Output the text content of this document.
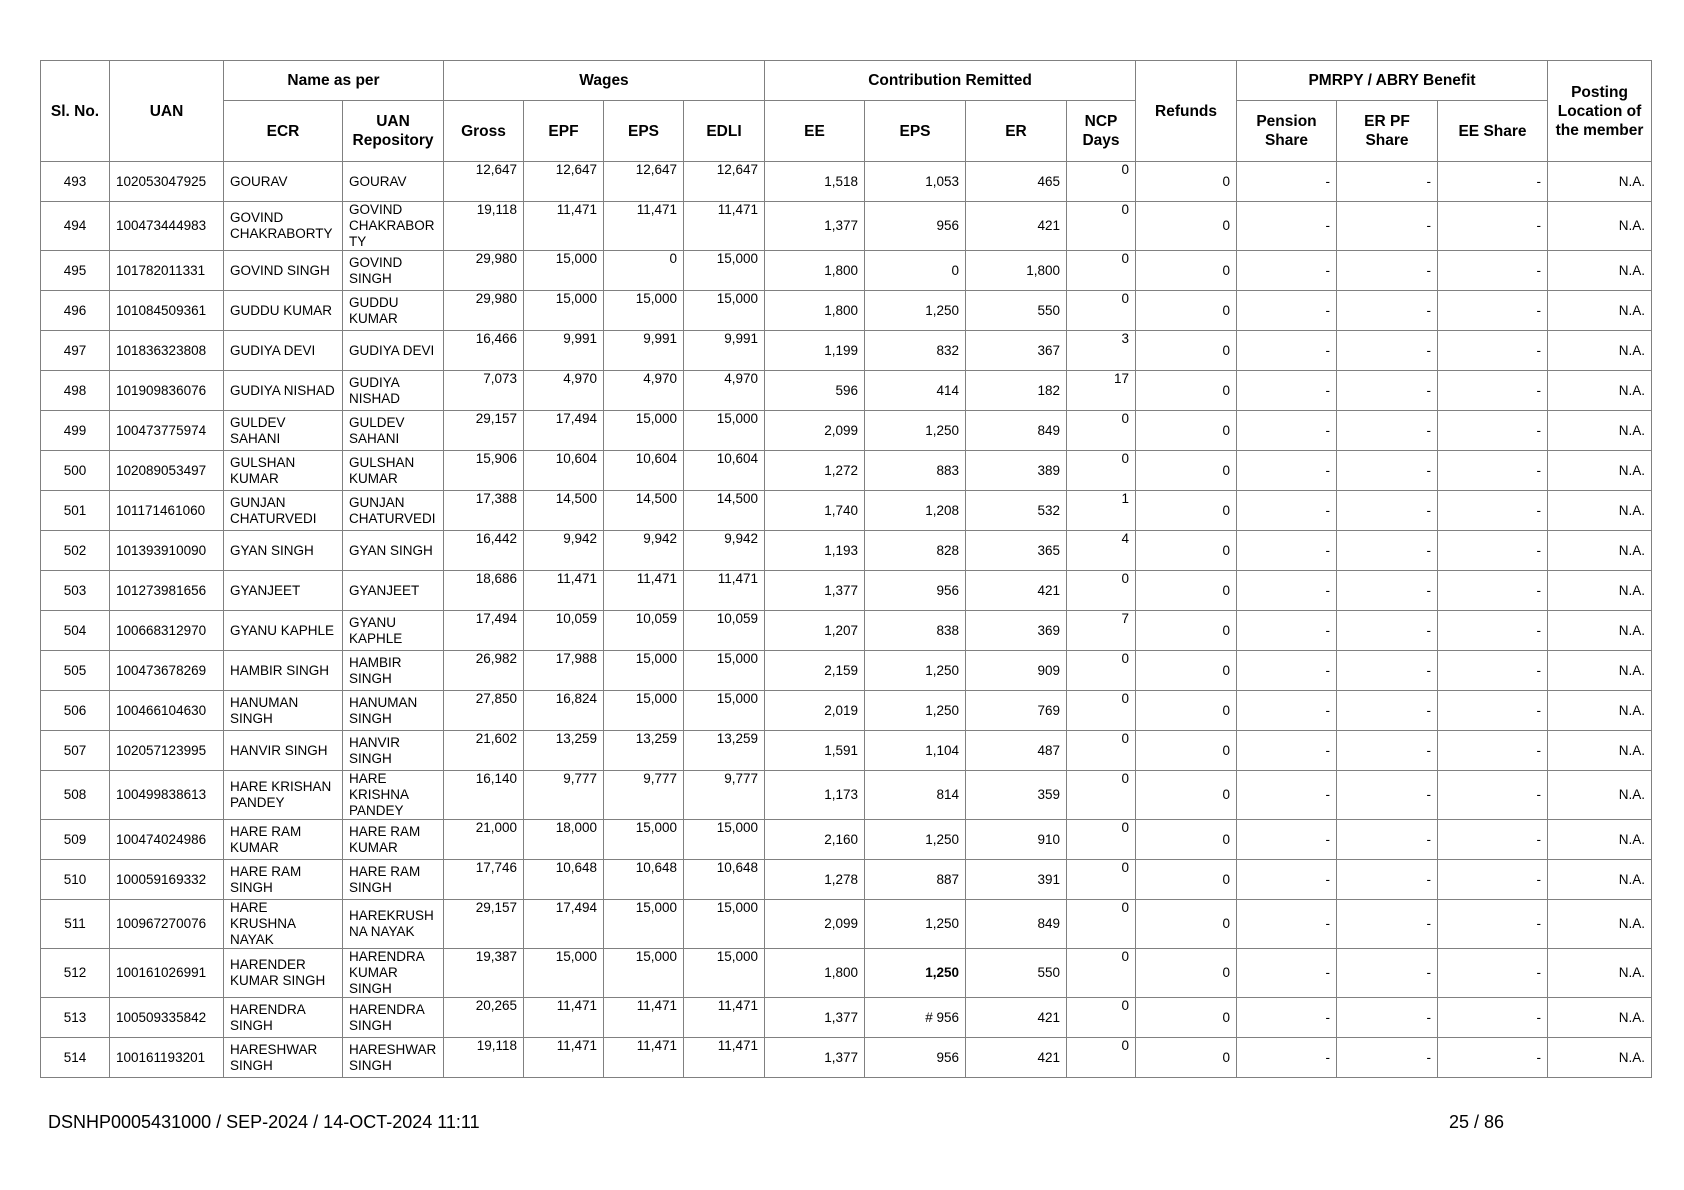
Sl. No.	UAN	Name as per		Wages				Contribution Remitted				Refunds	PMRPY / ABRY Benefit			Posting Location of the member
		ECR	UAN Repository	Gross	EPF	EPS	EDLI	EE	EPS	ER	NCP Days		Pension Share	ER PF Share	EE Share	
493	102053047925	GOURAV	GOURAV	12,647	12,647	12,647	12,647	1,518	1,053	465	0	0	-	-	-	N.A.
494	100473444983	GOVIND CHAKRABORTY	GOVIND CHAKRABOR TY	19,118	11,471	11,471	11,471	1,377	956	421	0	0	-	-	-	N.A.
495	101782011331	GOVIND SINGH	GOVIND SINGH	29,980	15,000	0	15,000	1,800	0	1,800	0	0	-	-	-	N.A.
496	101084509361	GUDDU KUMAR	GUDDU KUMAR	29,980	15,000	15,000	15,000	1,800	1,250	550	0	0	-	-	-	N.A.
497	101836323808	GUDIYA DEVI	GUDIYA DEVI	16,466	9,991	9,991	9,991	1,199	832	367	3	0	-	-	-	N.A.
498	101909836076	GUDIYA NISHAD	GUDIYA NISHAD	7,073	4,970	4,970	4,970	596	414	182	17	0	-	-	-	N.A.
499	100473775974	GULDEV SAHANI	GULDEV SAHANI	29,157	17,494	15,000	15,000	2,099	1,250	849	0	0	-	-	-	N.A.
500	102089053497	GULSHAN KUMAR	GULSHAN KUMAR	15,906	10,604	10,604	10,604	1,272	883	389	0	0	-	-	-	N.A.
501	101171461060	GUNJAN CHATURVEDI	GUNJAN CHATURVEDI	17,388	14,500	14,500	14,500	1,740	1,208	532	1	0	-	-	-	N.A.
502	101393910090	GYAN SINGH	GYAN SINGH	16,442	9,942	9,942	9,942	1,193	828	365	4	0	-	-	-	N.A.
503	101273981656	GYANJEET	GYANJEET	18,686	11,471	11,471	11,471	1,377	956	421	0	0	-	-	-	N.A.
504	100668312970	GYANU KAPHLE	GYANU KAPHLE	17,494	10,059	10,059	10,059	1,207	838	369	7	0	-	-	-	N.A.
505	100473678269	HAMBIR SINGH	HAMBIR SINGH	26,982	17,988	15,000	15,000	2,159	1,250	909	0	0	-	-	-	N.A.
506	100466104630	HANUMAN SINGH	HANUMAN SINGH	27,850	16,824	15,000	15,000	2,019	1,250	769	0	0	-	-	-	N.A.
507	102057123995	HANVIR SINGH	HANVIR SINGH	21,602	13,259	13,259	13,259	1,591	1,104	487	0	0	-	-	-	N.A.
508	100499838613	HARE KRISHAN PANDEY	HARE KRISHNA PANDEY	16,140	9,777	9,777	9,777	1,173	814	359	0	0	-	-	-	N.A.
509	100474024986	HARE RAM KUMAR	HARE RAM KUMAR	21,000	18,000	15,000	15,000	2,160	1,250	910	0	0	-	-	-	N.A.
510	100059169332	HARE RAM SINGH	HARE RAM SINGH	17,746	10,648	10,648	10,648	1,278	887	391	0	0	-	-	-	N.A.
511	100967270076	HARE KRUSHNA NAYAK	HAREKRUSH NA NAYAK	29,157	17,494	15,000	15,000	2,099	1,250	849	0	0	-	-	-	N.A.
512	100161026991	HARENDER KUMAR SINGH	HARENDRA KUMAR SINGH	19,387	15,000	15,000	15,000	1,800	1,250	550	0	0	-	-	-	N.A.
513	100509335842	HARENDRA SINGH	HARENDRA SINGH	20,265	11,471	11,471	11,471	1,377	# 956	421	0	0	-	-	-	N.A.
514	100161193201	HARESHWAR SINGH	HARESHWAR SINGH	19,118	11,471	11,471	11,471	1,377	956	421	0	0	-	-	-	N.A.
DSNHP0005431000 / SEP-2024 / 14-OCT-2024 11:11	25 / 86
